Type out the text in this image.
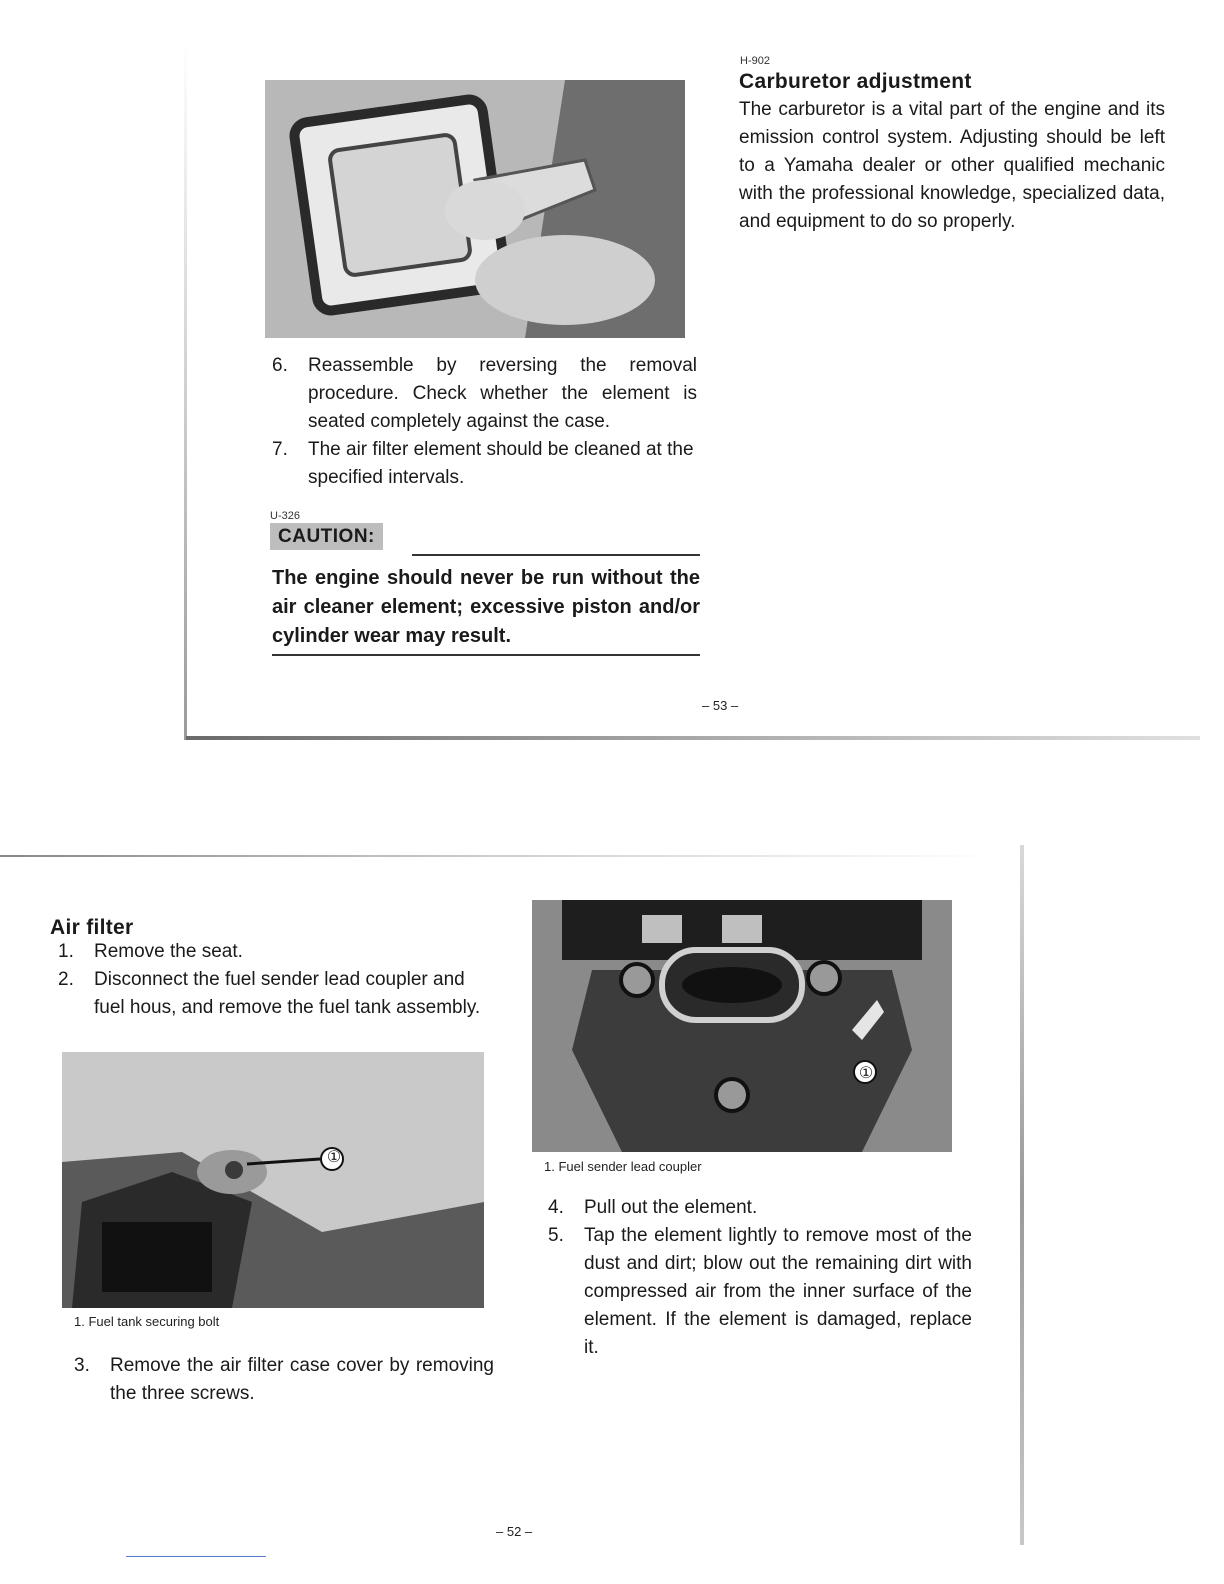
6.	Reassemble by reversing the removal procedure. Check whether the element is seated completely against the case.
7.	The air filter element should be cleaned at the specified intervals.
U-326
CAUTION:
The engine should never be run without the air cleaner element; excessive piston and/or cylinder wear may result.
H-902
Carburetor adjustment
The carburetor is a vital part of the engine and its emission control system. Adjusting should be left to a Yamaha dealer or other qualified mechanic with the professional knowledge, specialized data, and equipment to do so properly.
– 53 –
Air filter
1.	Remove the seat.
2.	Disconnect the fuel sender lead coupler and fuel hous, and remove the fuel tank assembly.
①
1. Fuel tank securing bolt
3.	Remove the air filter case cover by removing the three screws.
①
1. Fuel sender lead coupler
4.	Pull out the element.
5.	Tap the element lightly to remove most of the dust and dirt; blow out the remaining dirt with compressed air from the inner surface of the element. If the element is damaged, replace it.
– 52 –
